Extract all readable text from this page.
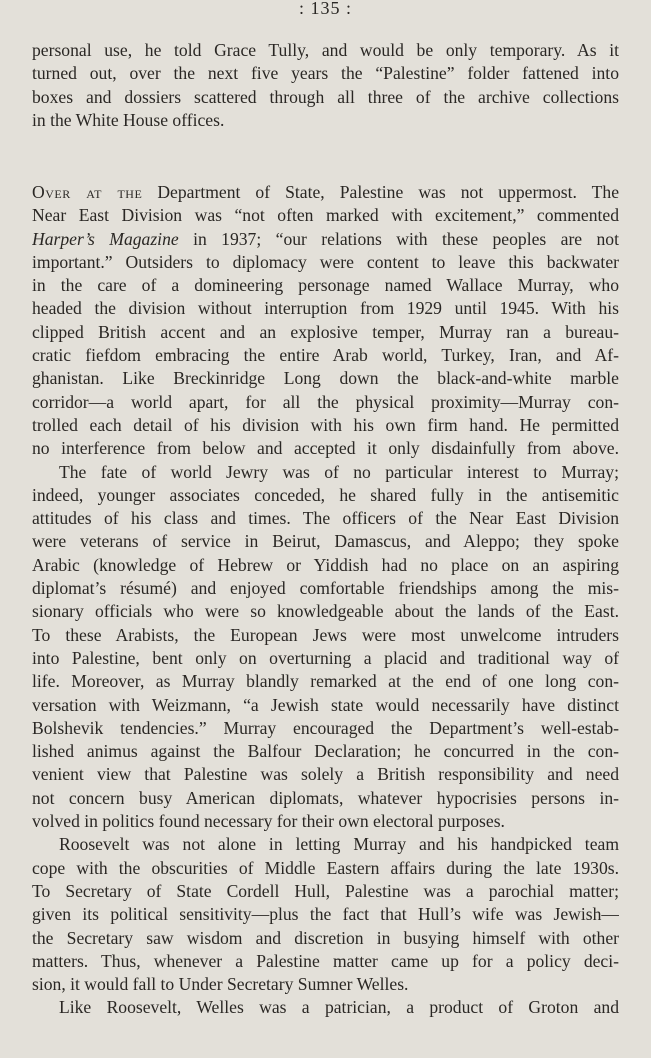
: 135 :
personal use, he told Grace Tully, and would be only temporary. As it
turned out, over the next five years the “Palestine” folder fattened into
boxes and dossiers scattered through all three of the archive collections
in the White House offices.
Over at the Department of State, Palestine was not uppermost. The
Near East Division was “not often marked with excitement,” commented
Harper’s Magazine in 1937; “our relations with these peoples are not
important.” Outsiders to diplomacy were content to leave this backwater
in the care of a domineering personage named Wallace Murray, who
headed the division without interruption from 1929 until 1945. With his
clipped British accent and an explosive temper, Murray ran a bureau-
cratic fiefdom embracing the entire Arab world, Turkey, Iran, and Af-
ghanistan. Like Breckinridge Long down the black-and-white marble
corridor—a world apart, for all the physical proximity—Murray con-
trolled each detail of his division with his own firm hand. He permitted
no interference from below and accepted it only disdainfully from above.
The fate of world Jewry was of no particular interest to Murray;
indeed, younger associates conceded, he shared fully in the antisemitic
attitudes of his class and times. The officers of the Near East Division
were veterans of service in Beirut, Damascus, and Aleppo; they spoke
Arabic (knowledge of Hebrew or Yiddish had no place on an aspiring
diplomat’s résumé) and enjoyed comfortable friendships among the mis-
sionary officials who were so knowledgeable about the lands of the East.
To these Arabists, the European Jews were most unwelcome intruders
into Palestine, bent only on overturning a placid and traditional way of
life. Moreover, as Murray blandly remarked at the end of one long con-
versation with Weizmann, “a Jewish state would necessarily have distinct
Bolshevik tendencies.” Murray encouraged the Department’s well-estab-
lished animus against the Balfour Declaration; he concurred in the con-
venient view that Palestine was solely a British responsibility and need
not concern busy American diplomats, whatever hypocrisies persons in-
volved in politics found necessary for their own electoral purposes.
Roosevelt was not alone in letting Murray and his handpicked team
cope with the obscurities of Middle Eastern affairs during the late 1930s.
To Secretary of State Cordell Hull, Palestine was a parochial matter;
given its political sensitivity—plus the fact that Hull’s wife was Jewish—
the Secretary saw wisdom and discretion in busying himself with other
matters. Thus, whenever a Palestine matter came up for a policy deci-
sion, it would fall to Under Secretary Sumner Welles.
Like Roosevelt, Welles was a patrician, a product of Groton and
